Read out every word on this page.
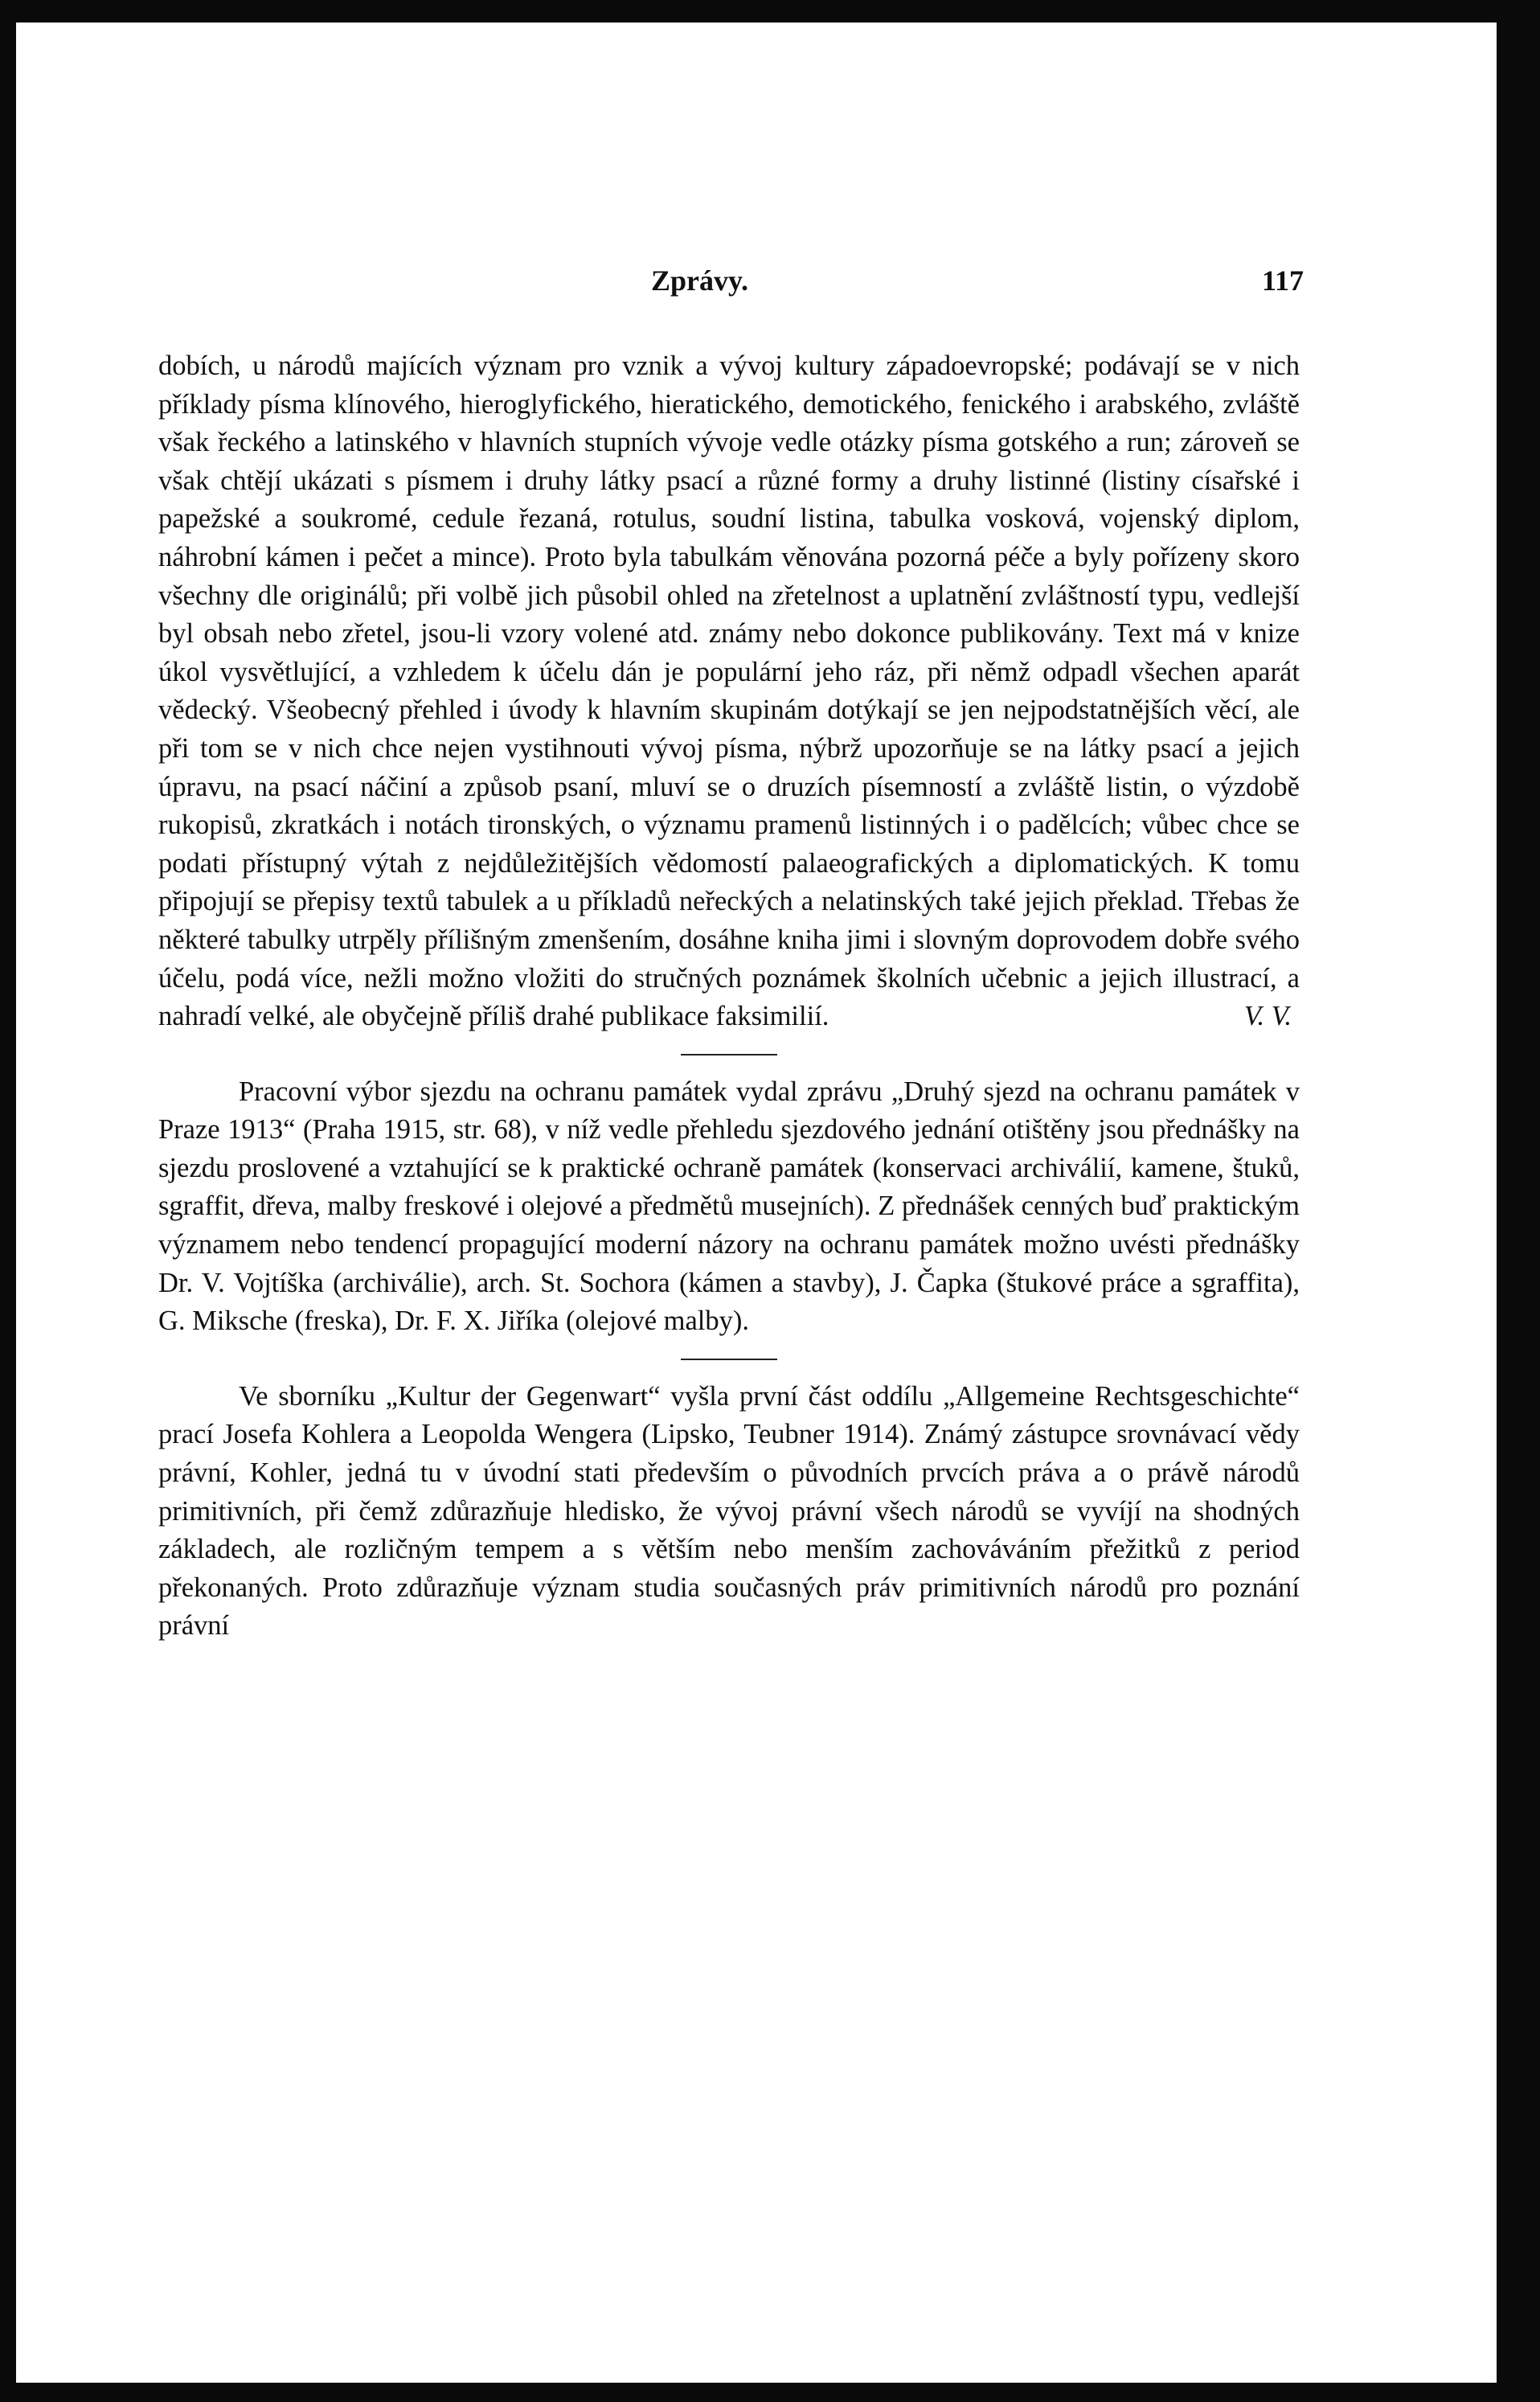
Zprávy.	117

dobích, u národů majících význam pro vznik a vývoj kultury západoevropské; podávají se v nich příklady písma klínového, hieroglyfického, hieratického, demotického, fenického i arabského, zvláště však řeckého a latinského v hlavních stupních vývoje vedle otázky písma gotského a run; zároveň se však chtějí ukázati s písmem i druhy látky psací a různé formy a druhy listinné (listiny císařské i papežské a soukromé, cedule řezaná, rotulus, soudní listina, tabulka vosková, vojenský diplom, náhrobní kámen i pečet a mince). Proto byla tabulkám věnována pozorná péče a byly pořízeny skoro všechny dle originálů; při volbě jich působil ohled na zřetelnost a uplatnění zvláštností typu, vedlejší byl obsah nebo zřetel, jsou-li vzory volené atd. známy nebo dokonce publikovány. Text má v knize úkol vysvětlující, a vzhledem k účelu dán je populární jeho ráz, při němž odpadl všechen aparát vědecký. Všeobecný přehled i úvody k hlavním skupinám dotýkají se jen nejpodstatnějších věcí, ale při tom se v nich chce nejen vystihnouti vývoj písma, nýbrž upozorňuje se na látky psací a jejich úpravu, na psací náčiní a způsob psaní, mluví se o druzích písemností a zvláště listin, o výzdobě rukopisů, zkratkách i notách tironských, o významu pramenů listinných i o padělcích; vůbec chce se podati přístupný výtah z nejdůležitějších vědomostí palaeografických a diplomatických. K tomu připojují se přepisy textů tabulek a u příkladů neřeckých a nelatinských také jejich překlad. Třebas že některé tabulky utrpěly přílišným zmenšením, dosáhne kniha jimi i slovným doprovodem dobře svého účelu, podá více, nežli možno vložiti do stručných poznámek školních učebnic a jejich illustrací, a nahradí velké, ale obyčejně příliš drahé publikace faksimilií.	V. V.

Pracovní výbor sjezdu na ochranu památek vydal zprávu „Druhý sjezd na ochranu památek v Praze 1913“ (Praha 1915, str. 68), v níž vedle přehledu sjezdového jednání otištěny jsou přednášky na sjezdu proslovené a vztahující se k praktické ochraně památek (konservaci archiválií, kamene, štuků, sgraffit, dřeva, malby freskové i olejové a předmětů musejních). Z přednášek cenných buď praktickým významem nebo tendencí propagující moderní názory na ochranu památek možno uvésti přednášky Dr. V. Vojtíška (archiválie), arch. St. Sochora (kámen a stavby), J. Čapka (štukové práce a sgraffita), G. Miksche (freska), Dr. F. X. Jiříka (olejové malby).

Ve sborníku „Kultur der Gegenwart“ vyšla první část oddílu „Allgemeine Rechtsgeschichte“ prací Josefa Kohlera a Leopolda Wengera (Lipsko, Teubner 1914). Známý zástupce srovnávací vědy právní, Kohler, jedná tu v úvodní stati především o původních prvcích práva a o právě národů primitivních, při čemž zdůrazňuje hledisko, že vývoj právní všech národů se vyvíjí na shodných základech, ale rozličným tempem a s větším nebo menším zachováváním přežitků z period překonaných. Proto zdůrazňuje význam studia současných práv primitivních národů pro poznání právní
